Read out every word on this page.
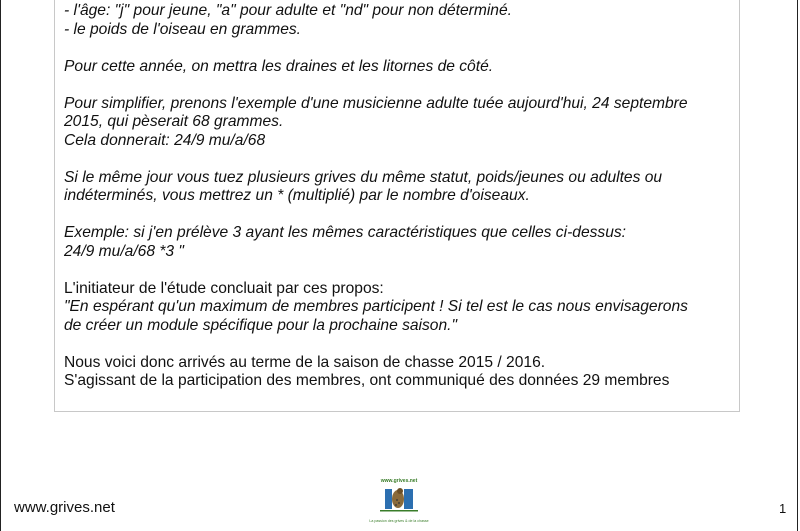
- l'âge: "j" pour jeune, "a" pour adulte et "nd" pour non déterminé.

- le poids de l'oiseau en grammes.

Pour cette année, on mettra les draines et les litornes de côté.

Pour simplifier, prenons l'exemple d'une musicienne adulte tuée aujourd'hui, 24 septembre

2015, qui pèserait 68 grammes.

Cela donnerait: 24/9 mu/a/68

Si le même jour vous tuez plusieurs grives du même statut, poids/jeunes ou adultes ou

indéterminés, vous mettrez un * (multiplié) par le nombre d'oiseaux.

Exemple: si j'en prélève 3 ayant les mêmes caractéristiques que celles ci-dessus:

24/9 mu/a/68 *3 "

L'initiateur de l'étude concluait par ces propos:

"En espérant qu'un maximum de membres participent ! Si tel est le cas nous envisagerons

de créer un module spécifique pour la prochaine saison."

Nous voici donc arrivés au terme de la saison de chasse 2015 / 2016.

S'agissant de la participation des membres, ont communiqué des données 29 membres

www.grives.net
www.grives.net
La passion des grives & de la chasse
1
